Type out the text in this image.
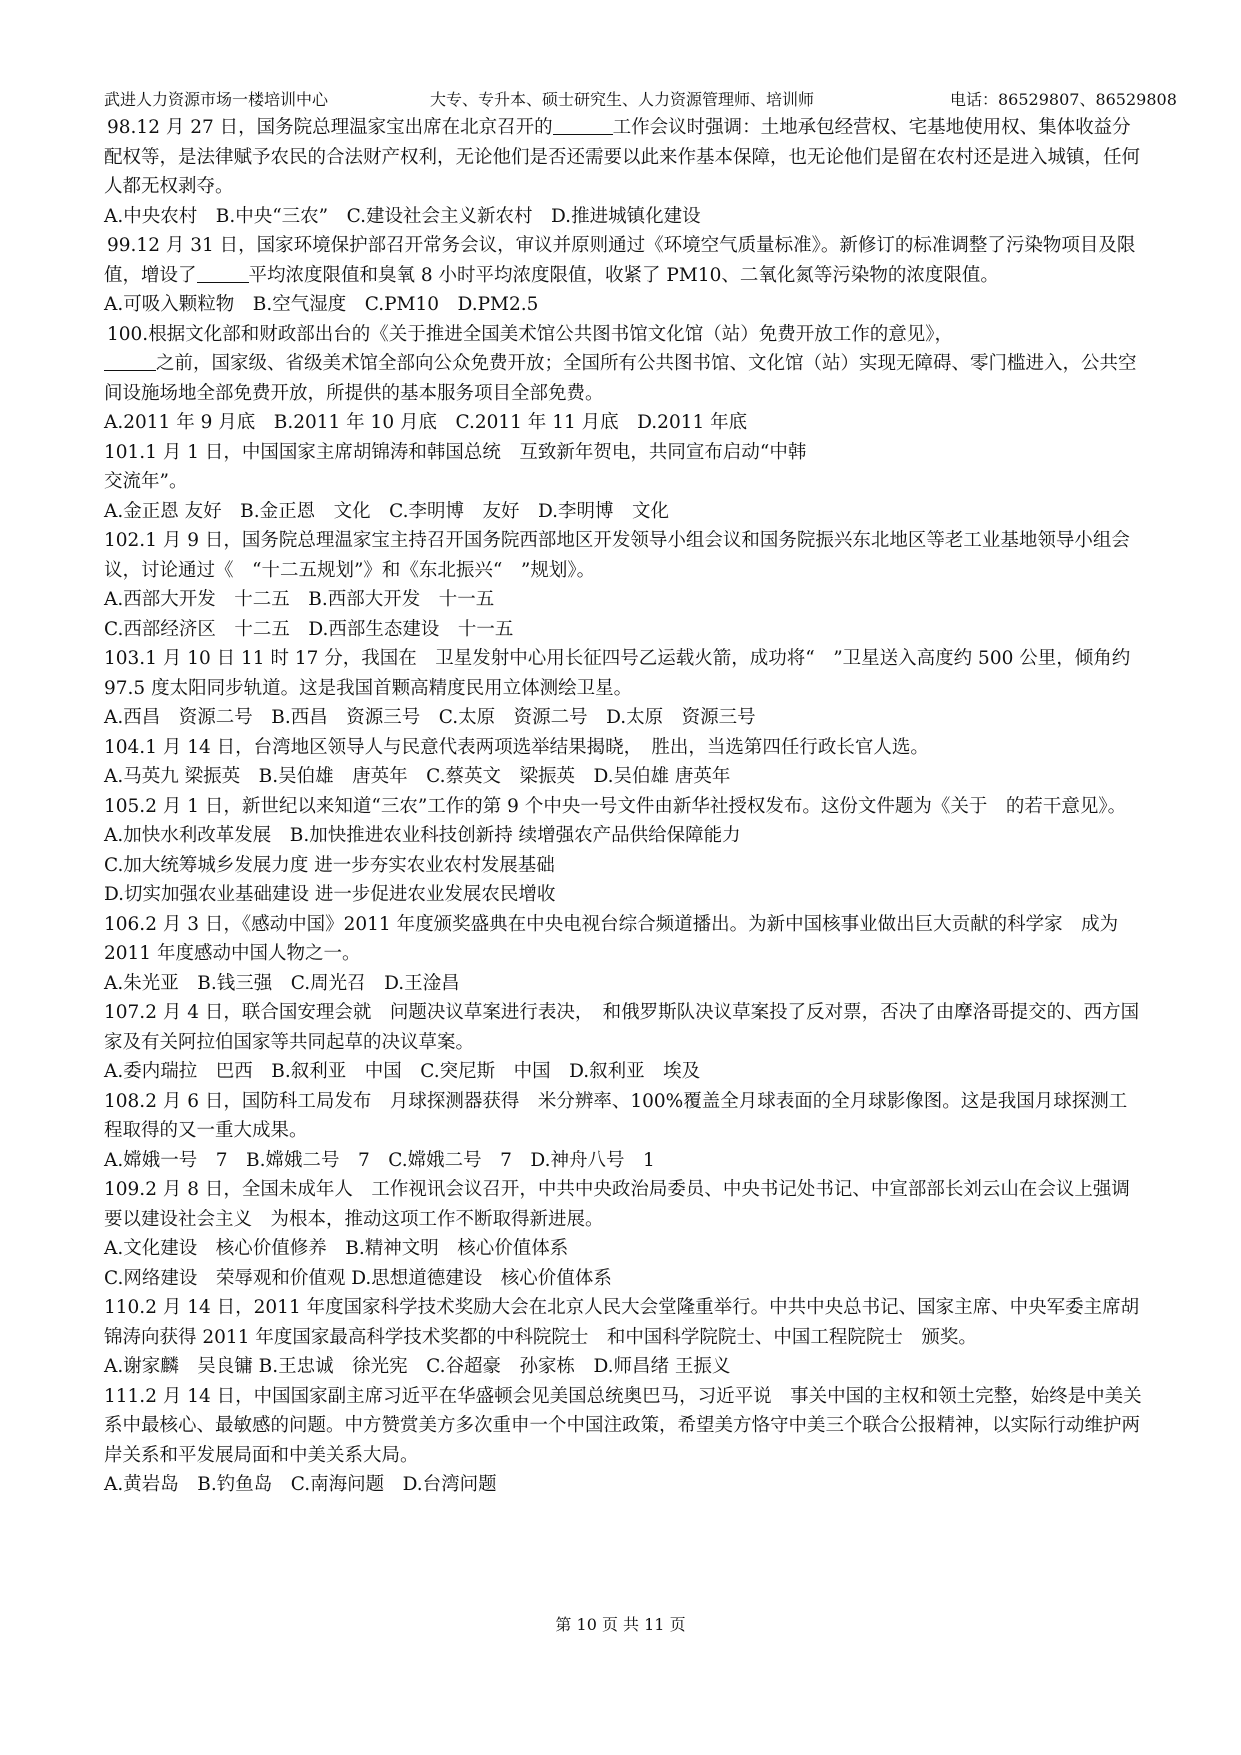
武进人力资源市场一楼培训中心	大专、专升本、硕士研究生、人力资源管理师、培训师	电话：86529807、86529808
98.12 月 27 日，国务院总理温家宝出席在北京召开的	工作会议时强调：土地承包经营权、宅基地使用权、集体收益分配权等，是法律赋予农民的合法财产权利，无论他们是否还需要以此来作基本保障，也无论他们是留在农村还是进入城镇，任何人都无权剥夺。
A.中央农村　B.中央“三农”　C.建设社会主义新农村　D.推进城镇化建设
99.12 月 31 日，国家环境保护部召开常务会议，审议并原则通过《环境空气质量标准》。新修订的标准调整了污染物项目及限值，增设了	平均浓度限值和臭氧 8 小时平均浓度限值，收紧了 PM10、二氧化氮等污染物的浓度限值。
A.可吸入颗粒物　B.空气湿度　C.PM10　D.PM2.5
100.根据文化部和财政部出台的《关于推进全国美术馆公共图书馆文化馆（站）免费开放工作的意见》，
之前，国家级、省级美术馆全部向公众免费开放；全国所有公共图书馆、文化馆（站）实现无障碍、零门槛进入，公共空间设施场地全部免费开放，所提供的基本服务项目全部免费。
A.2011 年 9 月底　B.2011 年 10 月底　C.2011 年 11 月底　D.2011 年底
101.1 月 1 日，中国国家主席胡锦涛和韩国总统　互致新年贺电，共同宣布启动“中韩
交流年”。
A.金正恩 友好　B.金正恩　文化　C.李明博　友好　D.李明博　文化
102.1 月 9 日，国务院总理温家宝主持召开国务院西部地区开发领导小组会议和国务院振兴东北地区等老工业基地领导小组会议，讨论通过《　“十二五规划”》和《东北振兴“　”规划》。
A.西部大开发　十二五　B.西部大开发　十一五
C.西部经济区　十二五　D.西部生态建设　十一五
103.1 月 10 日 11 时 17 分，我国在　卫星发射中心用长征四号乙运载火箭，成功将“　”卫星送入高度约 500 公里，倾角约 97.5 度太阳同步轨道。这是我国首颗高精度民用立体测绘卫星。
A.西昌　资源二号　B.西昌　资源三号　C.太原　资源二号　D.太原　资源三号
104.1 月 14 日，台湾地区领导人与民意代表两项选举结果揭晓，　胜出，当选第四任行政长官人选。
A.马英九 梁振英　B.吴伯雄　唐英年　C.蔡英文　梁振英　D.吴伯雄 唐英年
105.2 月 1 日，新世纪以来知道“三农”工作的第 9 个中央一号文件由新华社授权发布。这份文件题为《关于　的若干意见》。
A.加快水利改革发展　B.加快推进农业科技创新持 续增强农产品供给保障能力
C.加大统筹城乡发展力度 进一步夯实农业农村发展基础
D.切实加强农业基础建设 进一步促进农业发展农民增收
106.2 月 3 日，《感动中国》2011 年度颁奖盛典在中央电视台综合频道播出。为新中国核事业做出巨大贡献的科学家　成为 2011 年度感动中国人物之一。
A.朱光亚　B.钱三强　C.周光召　D.王淦昌
107.2 月 4 日，联合国安理会就　问题决议草案进行表决，　和俄罗斯队决议草案投了反对票，否决了由摩洛哥提交的、西方国家及有关阿拉伯国家等共同起草的决议草案。
A.委内瑞拉　巴西　B.叙利亚　中国　C.突尼斯　中国　D.叙利亚　埃及
108.2 月 6 日，国防科工局发布　月球探测器获得　米分辨率、100%覆盖全月球表面的全月球影像图。这是我国月球探测工程取得的又一重大成果。
A.嫦娥一号　7　B.嫦娥二号　7　C.嫦娥二号　7　D.神舟八号　1
109.2 月 8 日，全国未成年人　工作视讯会议召开，中共中央政治局委员、中央书记处书记、中宣部部长刘云山在会议上强调要以建设社会主义　为根本，推动这项工作不断取得新进展。
A.文化建设　核心价值修养　B.精神文明　核心价值体系
C.网络建设　荣辱观和价值观 D.思想道德建设　核心价值体系
110.2 月 14 日，2011 年度国家科学技术奖励大会在北京人民大会堂隆重举行。中共中央总书记、国家主席、中央军委主席胡锦涛向获得 2011 年度国家最高科学技术奖都的中科院院士　和中国科学院院士、中国工程院院士　颁奖。
A.谢家麟　吴良镛 B.王忠诚　徐光宪　C.谷超豪　孙家栋　D.师昌绪 王振义
111.2 月 14 日，中国国家副主席习近平在华盛顿会见美国总统奥巴马，习近平说　事关中国的主权和领土完整，始终是中美关系中最核心、最敏感的问题。中方赞赏美方多次重申一个中国注政策，希望美方恪守中美三个联合公报精神，以实际行动维护两岸关系和平发展局面和中美关系大局。
A.黄岩岛　B.钓鱼岛　C.南海问题　D.台湾问题
第 10 页 共 11 页
